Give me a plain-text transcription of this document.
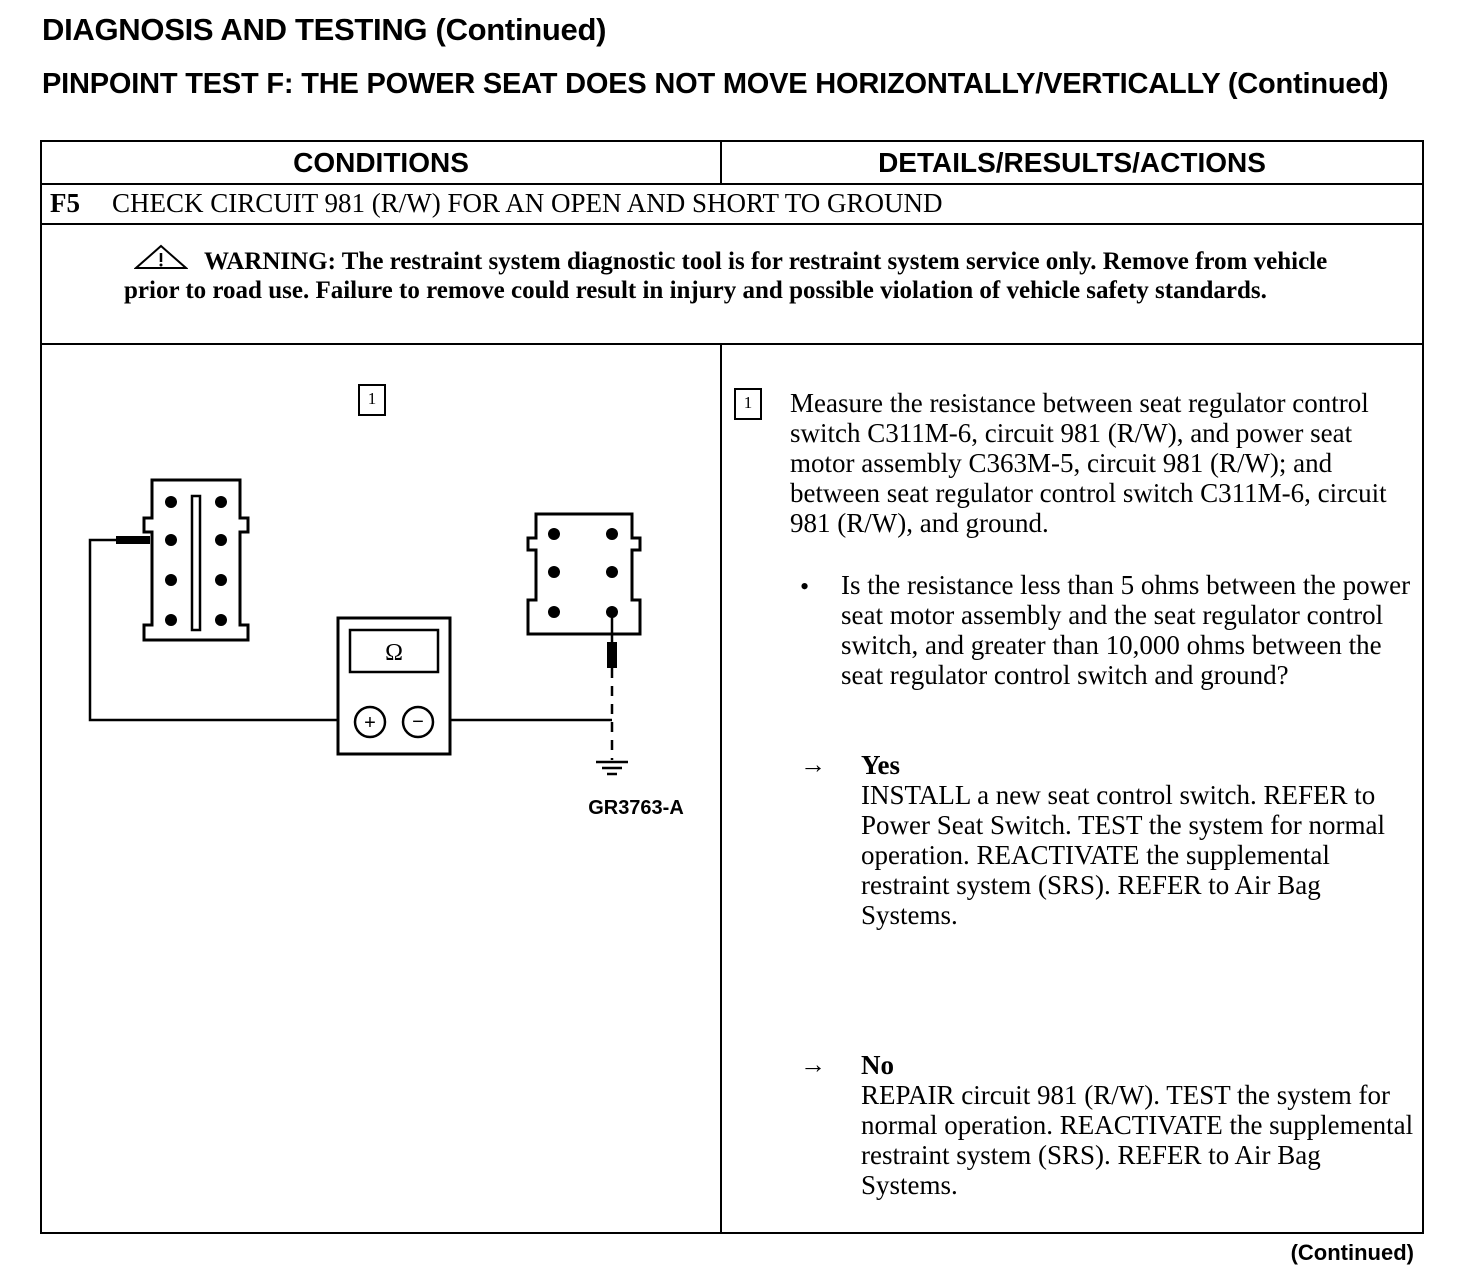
DIAGNOSIS AND TESTING (Continued)
PINPOINT TEST F: THE POWER SEAT DOES NOT MOVE HORIZONTALLY/VERTICALLY (Continued)
CONDITIONS	DETAILS/RESULTS/ACTIONS
F5 CHECK CIRCUIT 981 (R/W) FOR AN OPEN AND SHORT TO GROUND
WARNING: The restraint system diagnostic tool is for restraint system service only. Remove from vehicle prior to road use. Failure to remove could result in injury and possible violation of vehicle safety standards.
1
Ω
+ −
GR3763-A
1	Measure the resistance between seat regulator control switch C311M-6, circuit 981 (R/W), and power seat motor assembly C363M-5, circuit 981 (R/W); and between seat regulator control switch C311M-6, circuit 981 (R/W), and ground.

• Is the resistance less than 5 ohms between the power seat motor assembly and the seat regulator control switch, and greater than 10,000 ohms between the seat regulator control switch and ground?
→ Yes
INSTALL a new seat control switch. REFER to Power Seat Switch. TEST the system for normal operation. REACTIVATE the supplemental restraint system (SRS). REFER to Air Bag Systems.
→ No
REPAIR circuit 981 (R/W). TEST the system for normal operation. REACTIVATE the supplemental restraint system (SRS). REFER to Air Bag Systems.
(Continued)
